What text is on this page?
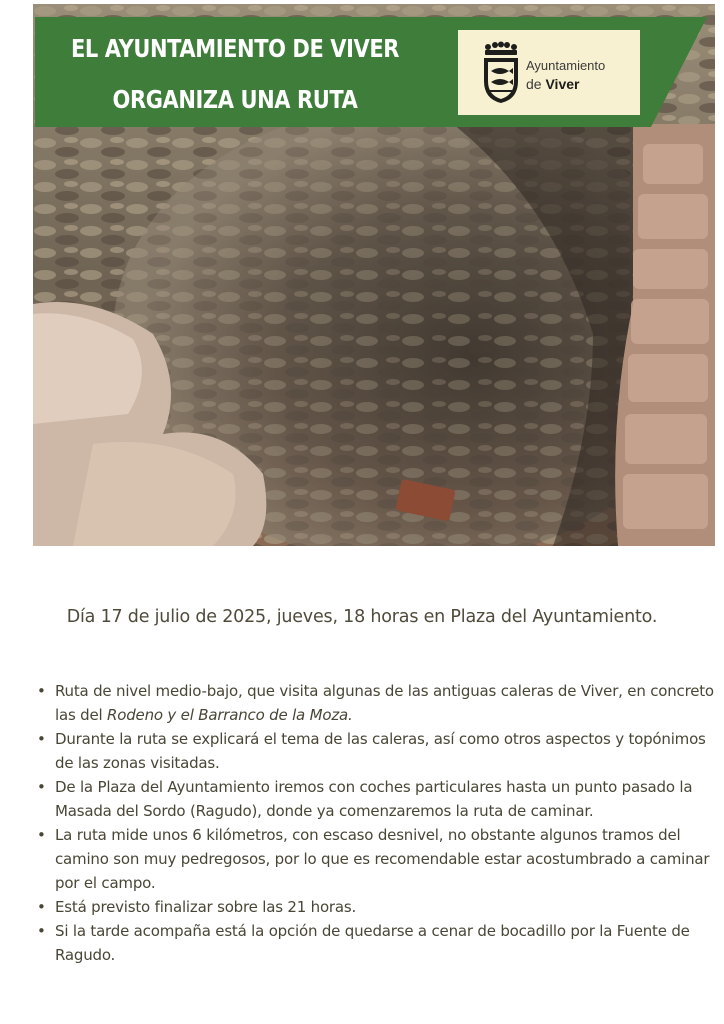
EL AYUNTAMIENTO DE VIVER
ORGANIZA UNA RUTA
Ayuntamiento
de Viver
Día 17 de julio de 2025, jueves, 18 horas en Plaza del Ayuntamiento.
• Ruta de nivel medio-bajo, que visita algunas de las antiguas caleras de Viver, en concreto las del Rodeno y el Barranco de la Moza.
• Durante la ruta se explicará el tema de las caleras, así como otros aspectos y topónimos de las zonas visitadas.
• De la Plaza del Ayuntamiento iremos con coches particulares hasta un punto pasado la Masada del Sordo (Ragudo), donde ya comenzaremos la ruta de caminar.
• La ruta mide unos 6 kilómetros, con escaso desnivel, no obstante algunos tramos del camino son muy pedregosos, por lo que es recomendable estar acostumbrado a caminar por el campo.
• Está previsto finalizar sobre las 21 horas.
• Si la tarde acompaña está la opción de quedarse a cenar de bocadillo por la Fuente de Ragudo.
